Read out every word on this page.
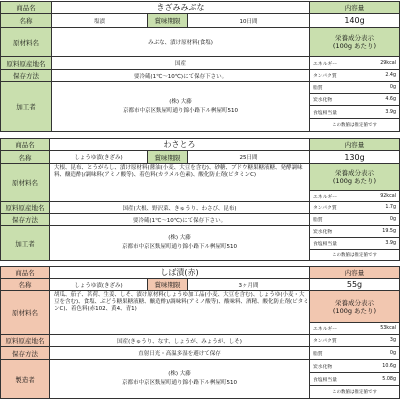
商品名	きざみみぶな	内容量
名称	塩漬	賞味期限	10日間	140g
原材料名	みぶな、漬け原材料(食塩)
栄養成分表示
(100g あたり)
原料原産地名	国産	エネルギー	29kcal
保存方法	要冷蔵(1℃〜10℃)にて保存下さい。	タンパク質	2.4g
加工者
(株) 大藤
京都市中京区麩屋町通り錦小路下ル桝屋町510
脂質	0g
炭水化物	4.6g
食塩相当量	3.9g
この数値は推定値です
商品名	わさとろ	内容量
名称	しょうゆ漬(きざみ)	賞味期限	25日間	130g
原材料名
大根、昆布、とうがらし、漬け原材料(醤油(小麦、大豆を含む)、砂糖、ブドウ糖果糖液糖、発酵調味料、醸造酢)/調味料(アミノ酸等)、着色料(カラメル色素)、酸化防止剤(ビタミンC)	栄養成分表示
(100g あたり)
エネルギー	92kcal
原料原産地名	国産(大根、野沢菜、きゅうり、わさび、昆布)	タンパク質	1.7g
保存方法	要冷蔵(1℃〜10℃)にて保存下さい。	脂質	0g
加工者
(株) 大藤
京都市中京区麩屋町通り錦小路下ル桝屋町510
炭水化物	19.5g
食塩相当量	3.9g
この数値は推定値です
商品名	しば漬(赤)	内容量
名称	しょうゆ漬(きざみ)	賞味期限	3ヶ月間	55g
原材料名
胡瓜、茄子、茗荷、生姜、しそ、漬け原材料(しょうゆ加工品(小麦、大豆を含む)、しょうゆ(小麦・大豆を含む)、食塩、ぶどう糖果糖液糖、醸造酢)/調味料(アミノ酸等)、酸味料、酒精、酸化防止剤(ビタミンC)、着色料(赤102、黄4、青1)
栄養成分表示
(100g あたり)
エネルギー	53kcal
原料原産地名	国産(きゅうり、なす、しょうが、みょうが、しそ)	タンパク質	3g
保存方法	直射日光・高温多湿を避けて保存	脂質	0g
製造者
(株) 大藤
京都市中京区麩屋町通り錦小路下ル桝屋町510
炭水化物	10.6g
食塩相当量	5.08g
この数値は推定値です
